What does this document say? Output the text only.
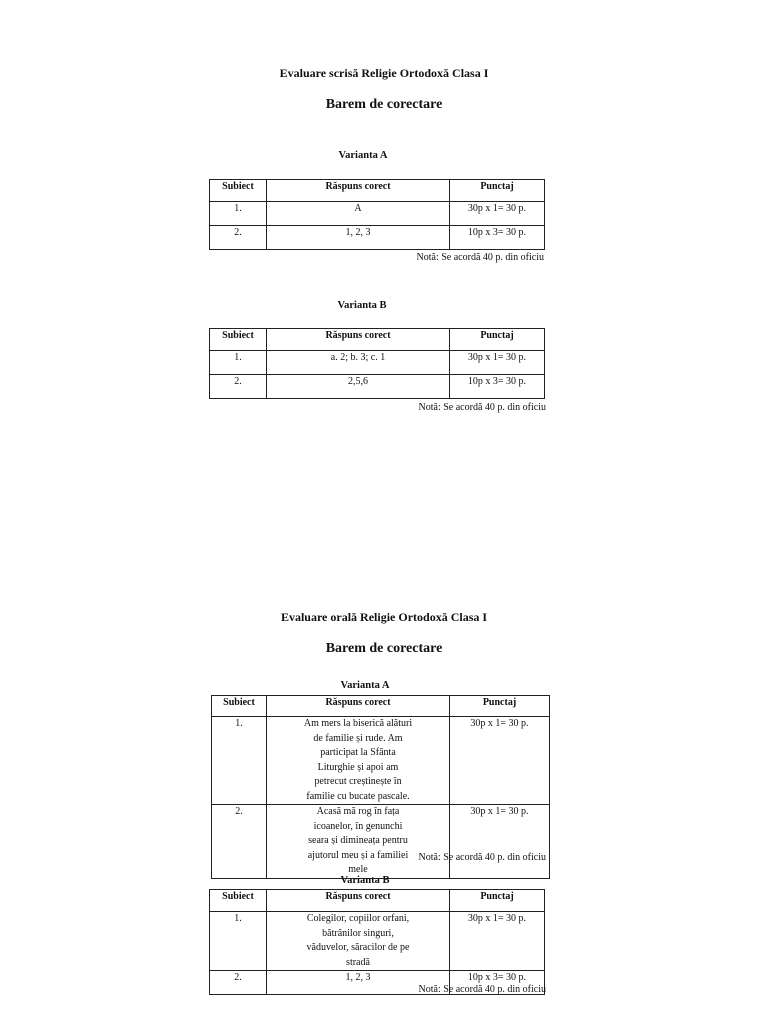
Evaluare scrisă Religie Ortodoxă Clasa I
Barem de corectare
Varianta A
Subiect	Răspuns corect	Punctaj
1.	A	30p x 1= 30 p.
2.	1, 2, 3	10p x 3= 30 p.
Notă: Se acordă 40 p. din oficiu
Varianta B
Subiect	Răspuns corect	Punctaj
1.	a. 2; b. 3; c. 1	30p x 1= 30 p.
2.	2,5,6	10p x 3= 30 p.
Notă: Se acordă 40 p. din oficiu
Evaluare orală Religie Ortodoxă Clasa I
Barem de corectare
Varianta A
Subiect	Răspuns corect	Punctaj
1.	Am mers la biserică alături de familie și rude. Am participat la Sfânta Liturghie și apoi am petrecut creștinește în familie cu bucate pascale.	30p x 1= 30 p.
2.	Acasă mă rog în fața icoanelor, în genunchi seara și dimineața pentru ajutorul meu și a familiei mele	30p x 1= 30 p.
Notă: Se acordă 40 p. din oficiu
Varianta B
Subiect	Răspuns corect	Punctaj
1.	Colegilor, copiilor orfani, bătrânilor singuri, văduvelor, săracilor de pe stradă	30p x 1= 30 p.
2.	1, 2, 3	10p x 3= 30 p.
Notă: Se acordă 40 p. din oficiu
